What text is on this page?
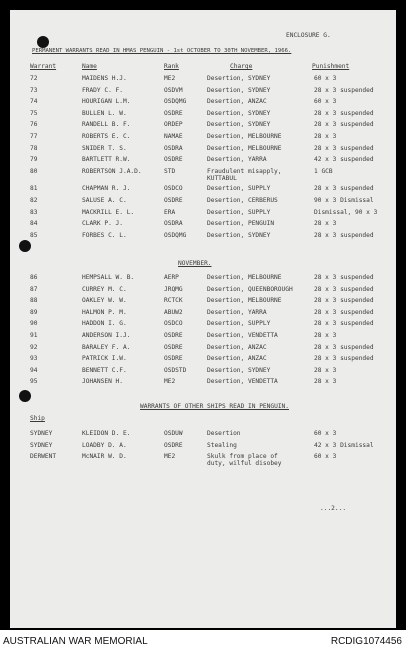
ENCLOSURE G.
PERMANENT WARRANTS READ IN HMAS PENGUIN - 1st OCTOBER TO 30TH NOVEMBER, 1966.
Warrant	Name	Rank	Charge	Punishment
72	MAIDENS H.J.	ME2	Desertion, SYDNEY	60 x 3
73	FRADY C. F.	OSDVM	Desertion, SYDNEY	28 x 3 suspended
74	HOURIGAN L.M.	OSDQMG	Desertion, ANZAC	60 x 3
75	BULLEN L. W.	OSDRE	Desertion, SYDNEY	28 x 3 suspended
76	RANDELL B. F.	ORDEP	Desertion, SYDNEY	28 x 3 suspended
77	ROBERTS E. C.	NAMAE	Desertion, MELBOURNE	28 x 3
78	SNIDER T. S.	OSDRA	Desertion, MELBOURNE	28 x 3 suspended
79	BARTLETT R.W.	OSDRE	Desertion, YARRA	42 x 3 suspended
80	ROBERTSON J.A.D.	STD	Fraudulent misapply,	1 GCB
KUTTABUL
81	CHAPMAN R. J.	OSDCO	Desertion, SUPPLY	28 x 3 suspended
82	SALUSE A. C.	OSDRE	Desertion, CERBERUS	90 x 3 Dismissal
83	MACKRILL E. L.	ERA	Desertion, SUPPLY	Dismissal, 90 x 3
84	CLARK P. J.	OSDRA	Desertion, PENGUIN	28 x 3
85	FORBES C. L.	OSDQMG	Desertion, SYDNEY	28 x 3 suspended
NOVEMBER.
86	HEMPSALL W. B.	AERP	Desertion, MELBOURNE	28 x 3 suspended
87	CURREY M. C.	JRQMG	Desertion, QUEENBOROUGH	28 x 3 suspended
88	OAKLEY W. W.	RCTCK	Desertion, MELBOURNE	28 x 3 suspended
89	HALMON P. M.	ABUW2	Desertion, YARRA	28 x 3 suspended
90	HADDON I. G.	OSDCO	Desertion, SUPPLY	28 x 3 suspended
91	ANDERSON I.J.	OSDRE	Desertion, VENDETTA	28 x 3
92	BARALEY F. A.	OSDRE	Desertion, ANZAC	28 x 3 suspended
93	PATRICK I.W.	OSDRE	Desertion, ANZAC	28 x 3 suspended
94	BENNETT C.F.	OSDSTD	Desertion, SYDNEY	28 x 3
95	JOHANSEN H.	ME2	Desertion, VENDETTA	28 x 3
WARRANTS OF OTHER SHIPS READ IN PENGUIN.
Ship
SYDNEY	KLEIDON D. E.	OSDUW	Desertion	60 x 3
SYDNEY	LOADBY D. A.	OSDRE	Stealing	42 x 3 Dismissal
DERWENT	McNAIR W. D.	ME2	Skulk from place of	60 x 3
duty, wilful disobey
...2...
AUSTRALIAN WAR MEMORIAL	RCDIG1074456
